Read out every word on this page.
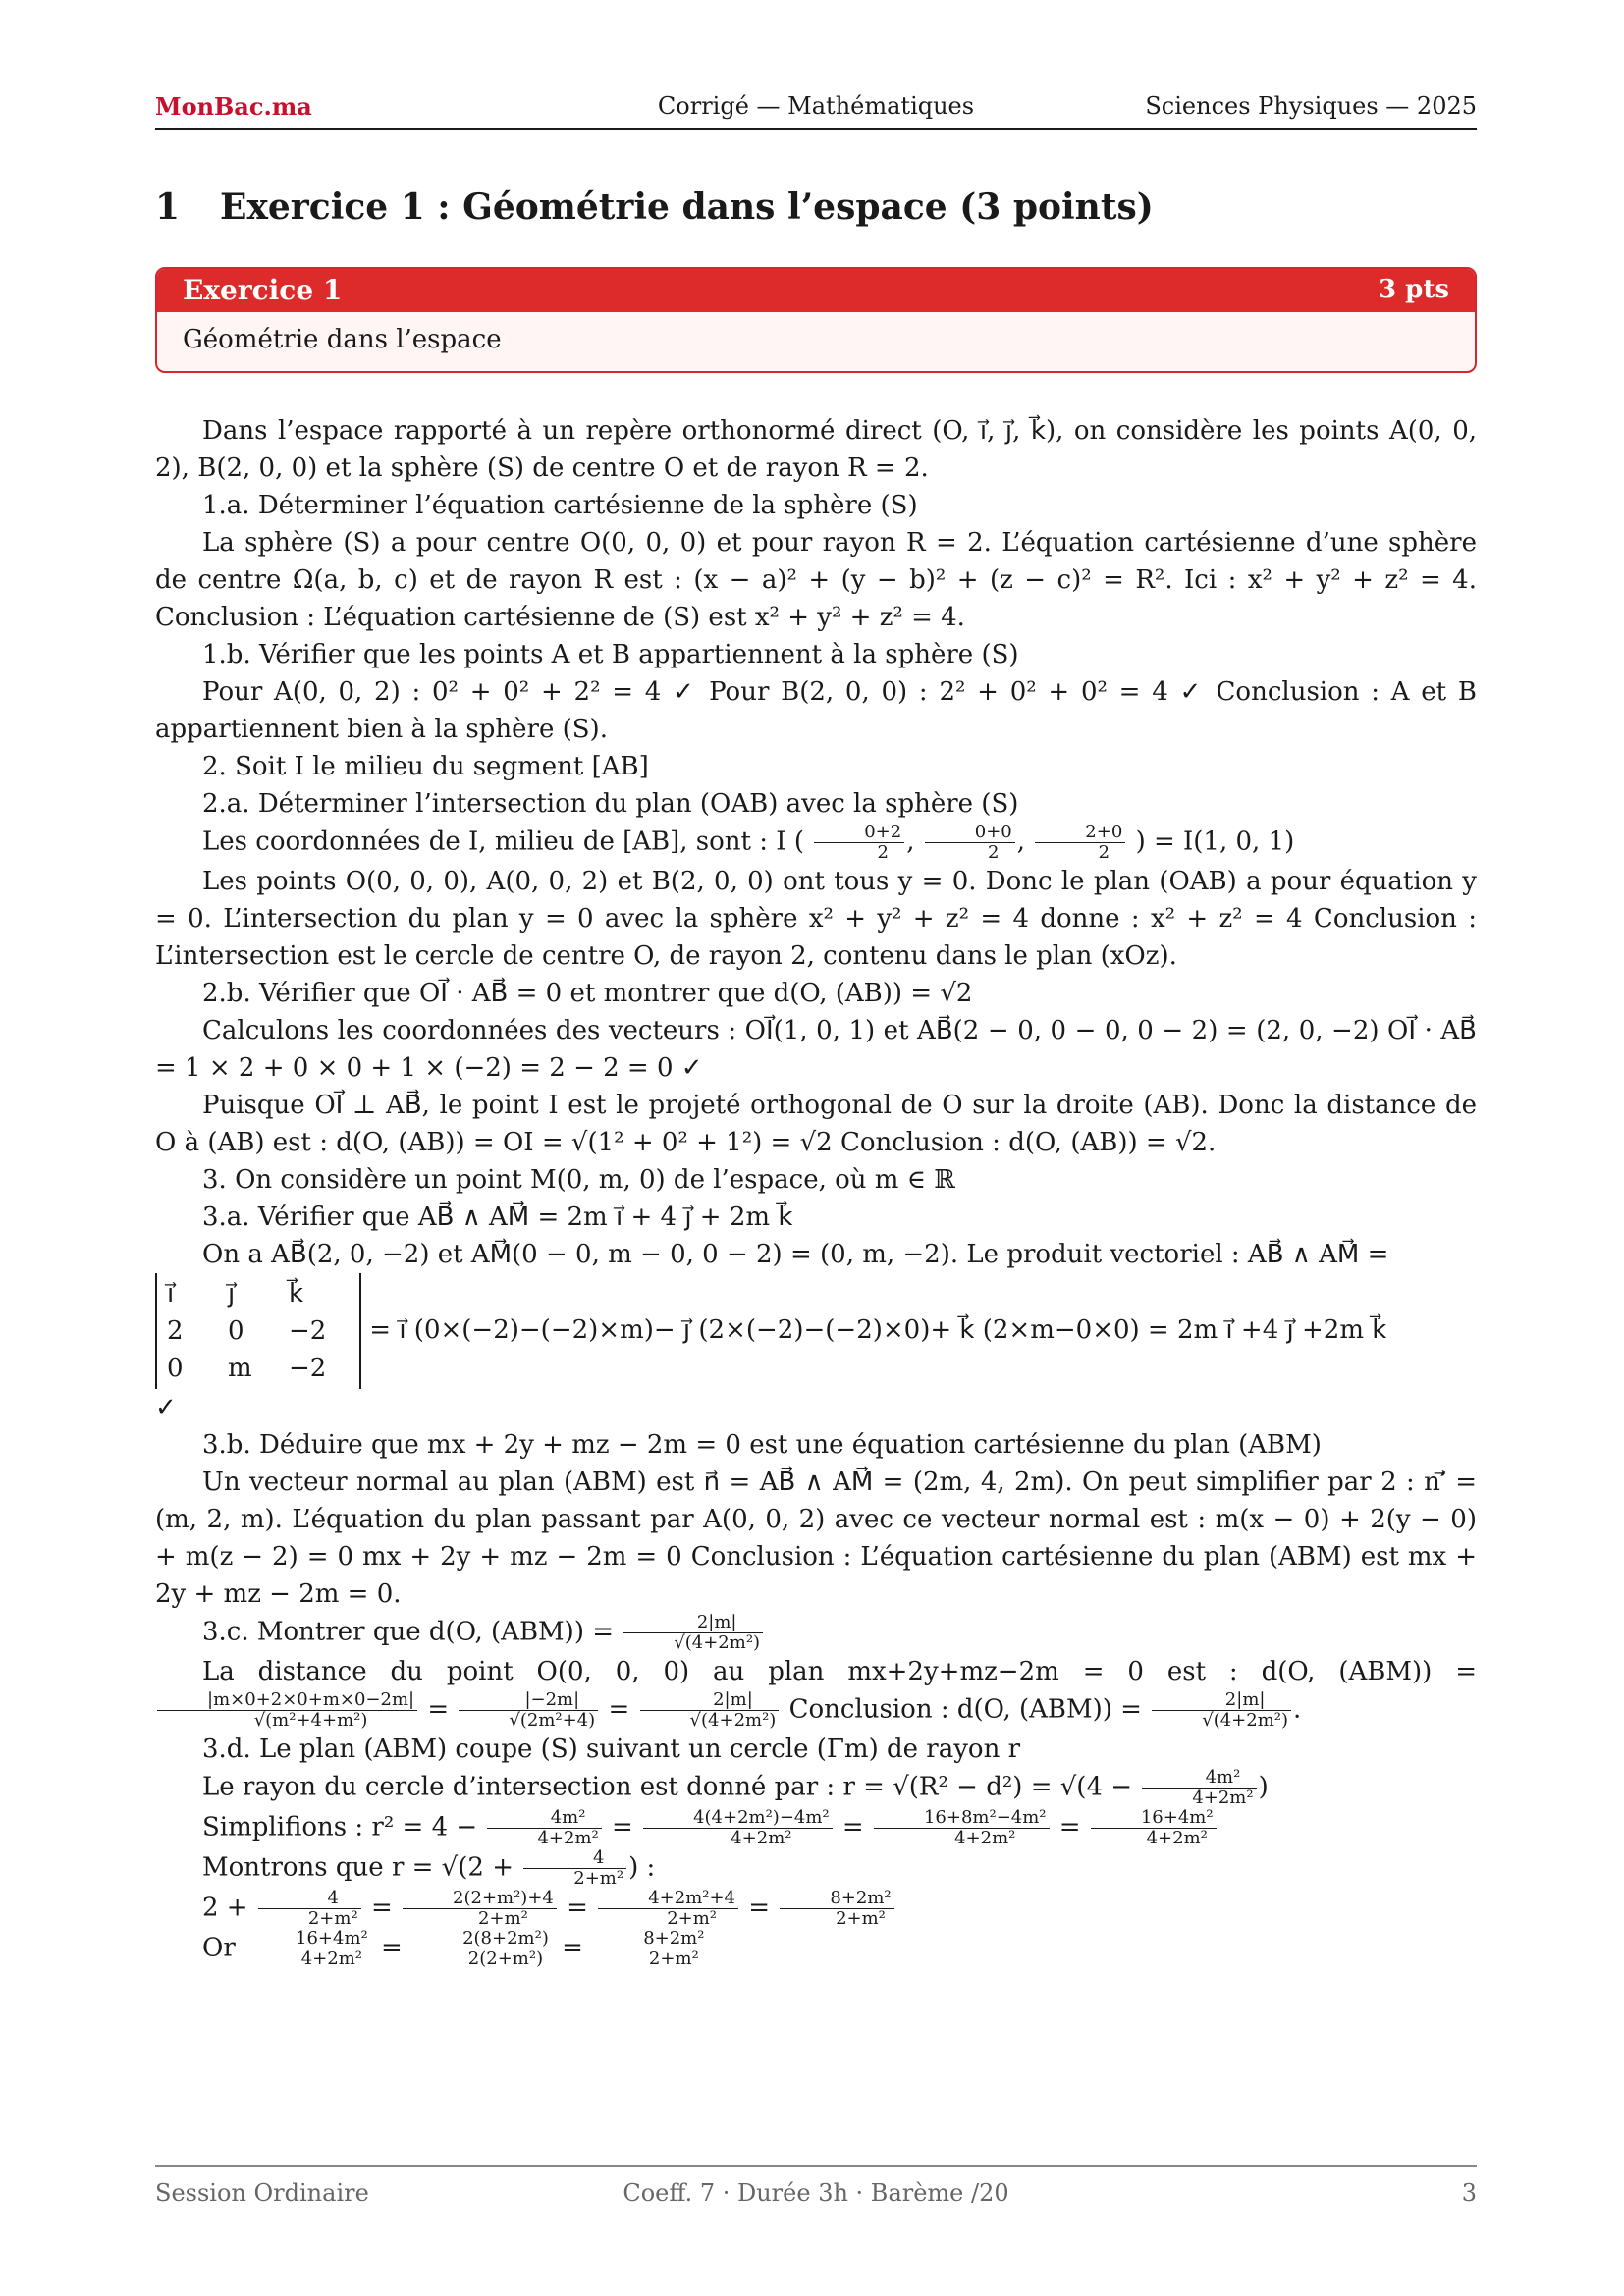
MonBac.ma	Corrigé — Mathématiques	Sciences Physiques — 2025
1 Exercice 1 : Géométrie dans l’espace (3 points)
Exercice 1	3 pts
Géométrie dans l’espace

Dans l’espace rapporté à un repère orthonormé direct (O, i⃗, j⃗, k⃗), on considère les points A(0, 0, 2), B(2, 0, 0) et la sphère (S) de centre O et de rayon R = 2.

1.a. Déterminer l’équation cartésienne de la sphère (S)

La sphère (S) a pour centre O(0, 0, 0) et pour rayon R = 2. L’équation cartésienne d’une sphère de centre Ω(a, b, c) et de rayon R est : (x − a)² + (y − b)² + (z − c)² = R². Ici : x² + y² + z² = 4. Conclusion : L’équation cartésienne de (S) est x² + y² + z² = 4.

1.b. Vérifier que les points A et B appartiennent à la sphère (S)

Pour A(0, 0, 2) : 0² + 0² + 2² = 4 ✓ Pour B(2, 0, 0) : 2² + 0² + 0² = 4 ✓ Conclusion : A et B appartiennent bien à la sphère (S).

2. Soit I le milieu du segment [AB]

2.a. Déterminer l’intersection du plan (OAB) avec la sphère (S)

Les coordonnées de I, milieu de [AB], sont : I ( $\frac{0+2}{2}$ , $\frac{0+0}{2}$ , $\frac{2+0}{2}$ ) = I(1, 0, 1)

Les points O(0, 0, 0), A(0, 0, 2) et B(2, 0, 0) ont tous y = 0. Donc le plan (OAB) a pour équation y = 0. L’intersection du plan y = 0 avec la sphère x² + y² + z² = 4 donne : x² + z² = 4 Conclusion : L’intersection est le cercle de centre O, de rayon 2, contenu dans le plan (xOz).

2.b. Vérifier que OI⃗ · AB⃗ = 0 et montrer que d(O, (AB)) = √2

Calculons les coordonnées des vecteurs : OI⃗(1, 0, 1) et AB⃗(2 − 0, 0 − 0, 0 − 2) = (2, 0, −2) OI⃗ · AB⃗ = 1 × 2 + 0 × 0 + 1 × (−2) = 2 − 2 = 0 ✓

Puisque OI⃗ ⊥ AB⃗, le point I est le projeté orthogonal de O sur la droite (AB). Donc la distance de O à (AB) est : d(O, (AB)) = OI = √(1² + 0² + 1²) = √2 Conclusion : d(O, (AB)) = √2.

3. On considère un point M(0, m, 0) de l’espace, où m ∈ ℝ

3.a. Vérifier que AB⃗ ∧ AM⃗ = 2m i⃗ + 4 j⃗ + 2m k⃗

On a AB⃗(2, 0, −2) et AM⃗(0 − 0, m − 0, 0 − 2) = (0, m, −2). Le produit vectoriel : AB⃗ ∧ AM⃗ =

i⃗ j⃗ k⃗
2 0 −2
0 m −2 = i⃗ (0×(−2)−(−2)×m)− j⃗ (2×(−2)−(−2)×0)+ k⃗ (2×m−0×0) = 2m i⃗ +4 j⃗ +2m k⃗

✓

3.b. Déduire que mx + 2y + mz − 2m = 0 est une équation cartésienne du plan (ABM)

Un vecteur normal au plan (ABM) est n⃗ = AB⃗ ∧ AM⃗ = (2m, 4, 2m). On peut simplifier par 2 : n′⃗ = (m, 2, m). L’équation du plan passant par A(0, 0, 2) avec ce vecteur normal est : m(x − 0) + 2(y − 0) + m(z − 2) = 0 mx + 2y + mz − 2m = 0 Conclusion : L’équation cartésienne du plan (ABM) est mx + 2y + mz − 2m = 0.

3.c. Montrer que d(O, $(ABM)) = \frac{2|m|}{\text{√(4+2m²)}}$

La distance du point O(0, 0, 0) au plan mx+2y+mz−2m = 0 est : d(O, (ABM)) =
$\frac{|m\times 0+2\times 0+m\times 0-2m|}{\text{√(m²+4+m²)}} = \frac{|-2m|}{\text{√(2m²+4)}} = \frac{2|m|}{\text{√(4+2m²)}}$ Conclusion : d(O, $(ABM)) = \frac{2|m|}{\text{√(4+2m²)}}$ .

3.d. Le plan (ABM) coupe (S) suivant un cercle (Γm) de rayon r

Le rayon du cercle d’intersection est donné par : $r = √(R^2 - d^2) = √(4 - \frac{\text{4m²}}{\text{4+2m²}}$ )

Simplifions : $r^2 = 4 - \frac{\text{4m²}}{\text{4+2m²}} = \frac{\text{4(4+2m²)−4m²}}{\text{4+2m²}} = \frac{\text{16+8m²−4m²}}{\text{4+2m²}} = \frac{\text{16+4m²}}{\text{4+2m²}}$

Montrons que $r = √(2 + \frac{4}{\text{2+m²}}$ ) :

$2 + \frac{4}{\text{2+m²}} = \frac{\text{2(2+m²)+4}}{\text{2+m²}} = \frac{\text{4+2m²+4}}{\text{2+m²}} = \frac{\text{8+2m²}}{\text{2+m²}}$

Or $\frac{\text{16+4m²}}{\text{4+2m²}} = \frac{\text{2(8+2m²)}}{\text{2(2+m²)}} = \frac{\text{8+2m²}}{\text{2+m²}}$

Session Ordinaire	Coeff. 7 · Durée 3h · Barème /20	3
